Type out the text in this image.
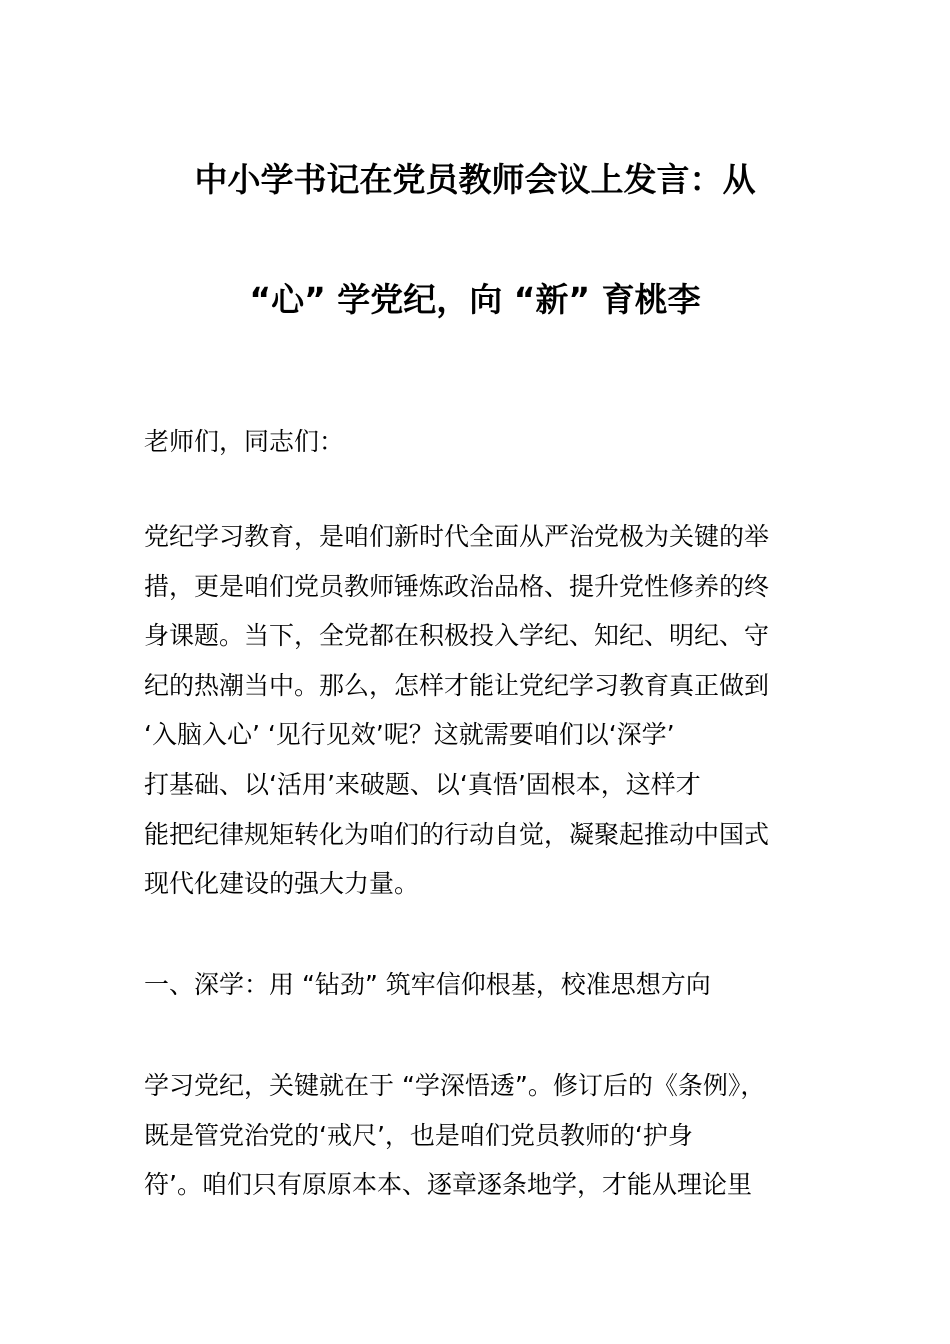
中小学书记在党员教师会议上发言：从
“心” 学党纪，向 “新” 育桃李
老师们，同志们：
党纪学习教育，是咱们新时代全面从严治党极为关键的举
措，更是咱们党员教师锤炼政治品格、提升党性修养的终
身课题。当下，全党都在积极投入学纪、知纪、明纪、守
纪的热潮当中。那么，怎样才能让党纪学习教育真正做到
‘入脑入心’ ‘见行见效’呢？这就需要咱们以‘深学’
打基础、以‘活用’来破题、以‘真悟’固根本，这样才
能把纪律规矩转化为咱们的行动自觉，凝聚起推动中国式
现代化建设的强大力量。
一、深学：用 “钻劲” 筑牢信仰根基，校准思想方向
学习党纪，关键就在于 “学深悟透”。修订后的《条例》，
既是管党治党的‘戒尺’，也是咱们党员教师的‘护身
符’。咱们只有原原本本、逐章逐条地学，才能从理论里
